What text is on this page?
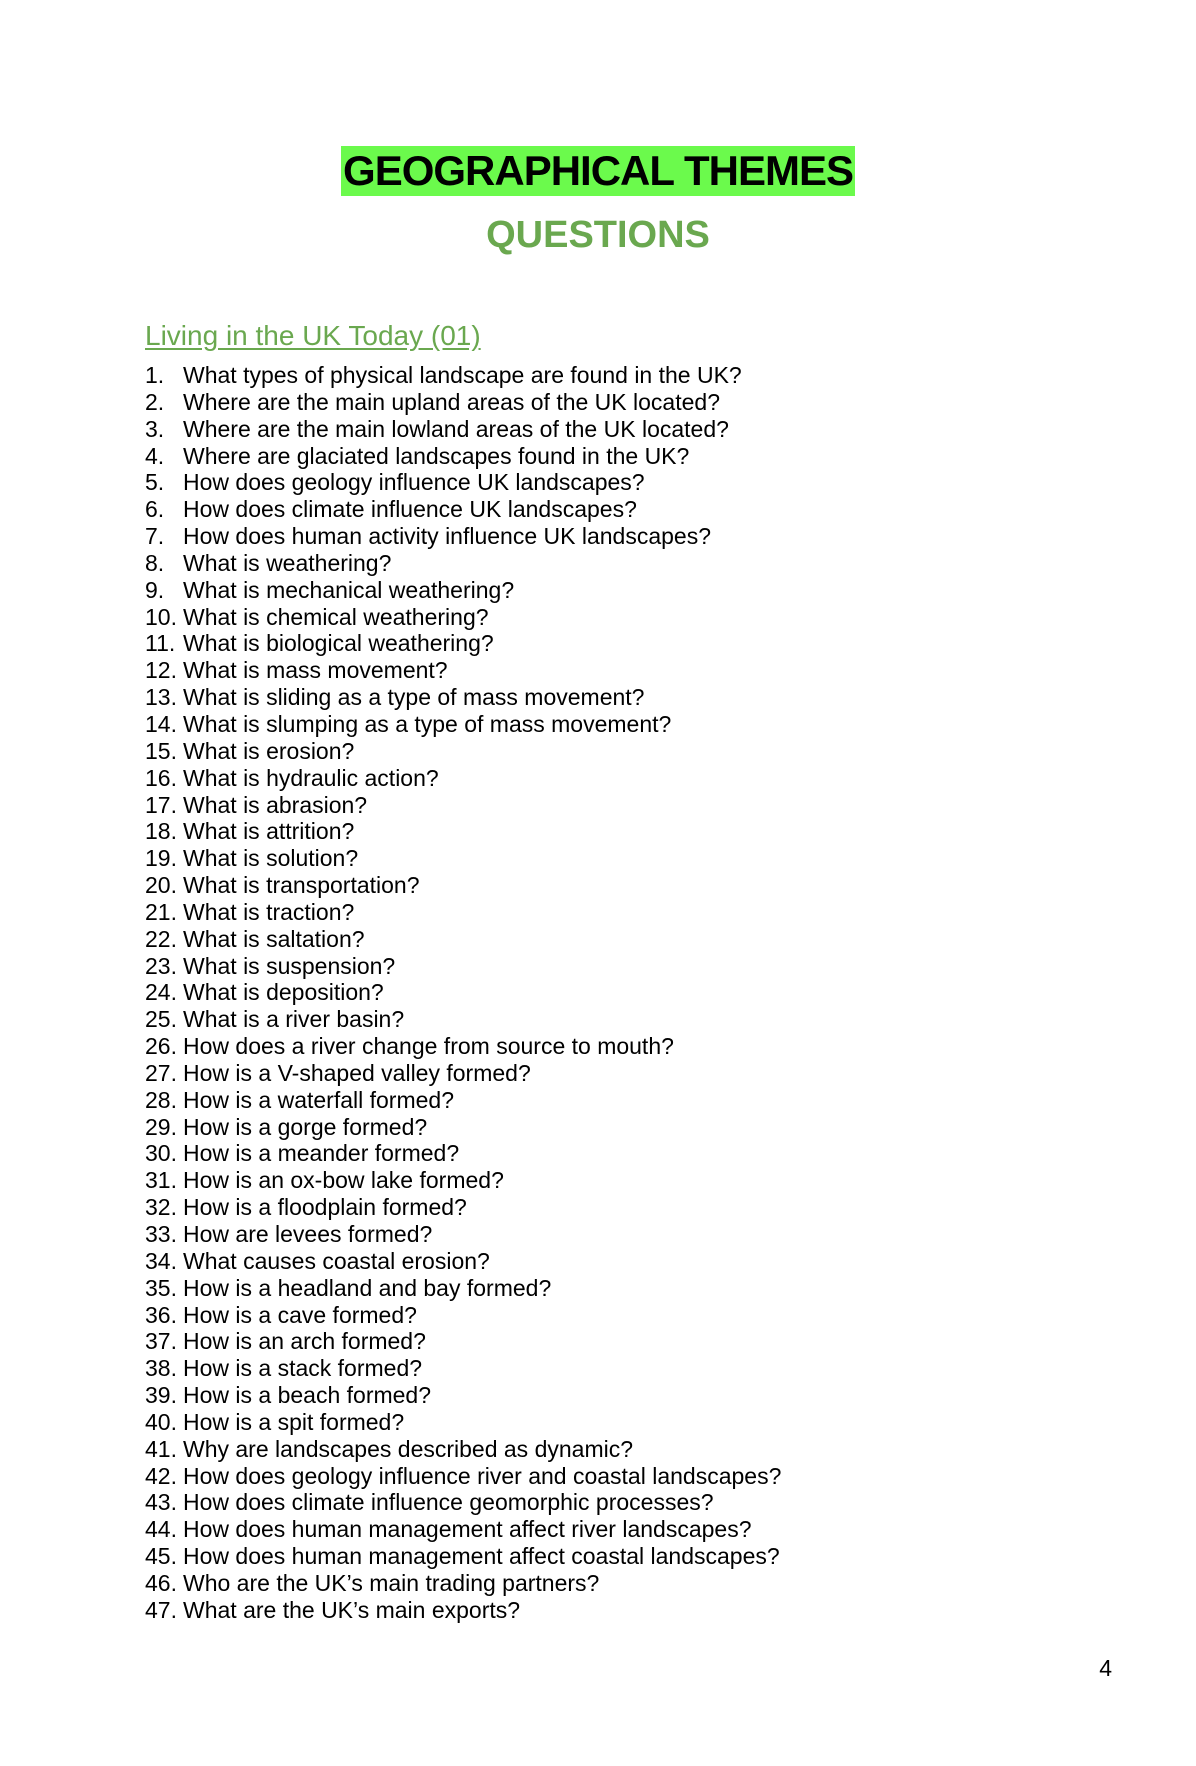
GEOGRAPHICAL THEMES
QUESTIONS
Living in the UK Today (01)
1. What types of physical landscape are found in the UK?
2. Where are the main upland areas of the UK located?
3. Where are the main lowland areas of the UK located?
4. Where are glaciated landscapes found in the UK?
5. How does geology influence UK landscapes?
6. How does climate influence UK landscapes?
7. How does human activity influence UK landscapes?
8. What is weathering?
9. What is mechanical weathering?
10. What is chemical weathering?
11. What is biological weathering?
12. What is mass movement?
13. What is sliding as a type of mass movement?
14. What is slumping as a type of mass movement?
15. What is erosion?
16. What is hydraulic action?
17. What is abrasion?
18. What is attrition?
19. What is solution?
20. What is transportation?
21. What is traction?
22. What is saltation?
23. What is suspension?
24. What is deposition?
25. What is a river basin?
26. How does a river change from source to mouth?
27. How is a V-shaped valley formed?
28. How is a waterfall formed?
29. How is a gorge formed?
30. How is a meander formed?
31. How is an ox-bow lake formed?
32. How is a floodplain formed?
33. How are levees formed?
34. What causes coastal erosion?
35. How is a headland and bay formed?
36. How is a cave formed?
37. How is an arch formed?
38. How is a stack formed?
39. How is a beach formed?
40. How is a spit formed?
41. Why are landscapes described as dynamic?
42. How does geology influence river and coastal landscapes?
43. How does climate influence geomorphic processes?
44. How does human management affect river landscapes?
45. How does human management affect coastal landscapes?
46. Who are the UK’s main trading partners?
47. What are the UK’s main exports?
4
